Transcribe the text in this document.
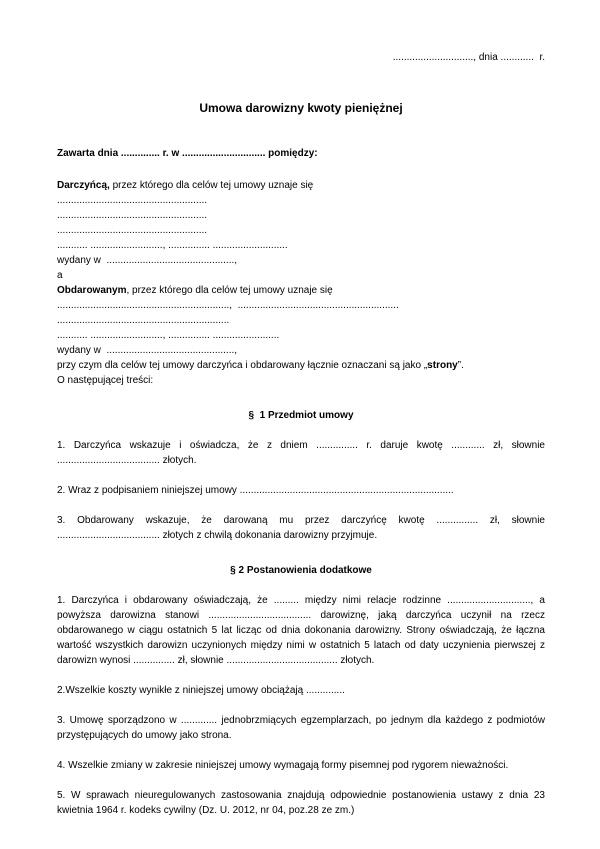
............................., dnia ............  r.
Umowa darowizny kwoty pieniężnej

Zawarta dnia .............. r. w .............................. pomiędzy:

Darczyńcą, przez którego dla celów tej umowy uznaje się
......................................................
......................................................
......................................................
........... .........................., ............... ...........................
wydany w  ..............................................,
a
Obdarowanym, przez którego dla celów tej umowy uznaje się
..............................................................,  ..........................................................
..............................................................
........... .........................., ............... ........................
wydany w  ..............................................,
przy czym dla celów tej umowy darczyńca i obdarowany łącznie oznaczani są jako „strony”.
O następującej treści:
§  1 Przedmiot umowy

1. Darczyńca wskazuje i oświadcza, że z dniem ............... r. daruje kwotę ............ zł, słownie ..................................... złotych.

2. Wraz z podpisaniem niniejszej umowy .............................................................................

3. Obdarowany wskazuje, że darowaną mu przez darczyńcę kwotę ............... zł, słownie ..................................... złotych z chwilą dokonania darowizny przyjmuje.

§ 2 Postanowienia dodatkowe

1. Darczyńca i obdarowany oświadczają, że ......... między nimi relacje rodzinne .............................., a powyższa darowizna stanowi ..................................... darowiznę, jaką darczyńca uczynił na rzecz obdarowanego w ciągu ostatnich 5 lat licząc od dnia dokonania darowizny. Strony oświadczają, że łączna wartość wszystkich darowizn uczynionych między nimi w ostatnich 5 latach od daty uczynienia pierwszej z darowizn wynosi ............... zł, słownie ........................................ złotych.

2.Wszelkie koszty wynikłe z niniejszej umowy obciążają ..............

3. Umowę sporządzono w ............. jednobrzmiących egzemplarzach, po jednym dla każdego z podmiotów przystępujących do umowy jako strona.

4. Wszelkie zmiany w zakresie niniejszej umowy wymagają formy pisemnej pod rygorem nieważności.

5. W sprawach nieuregulowanych zastosowania znajdują odpowiednie postanowienia ustawy z dnia 23 kwietnia 1964 r. kodeks cywilny (Dz. U. 2012, nr 04, poz.28 ze zm.)
